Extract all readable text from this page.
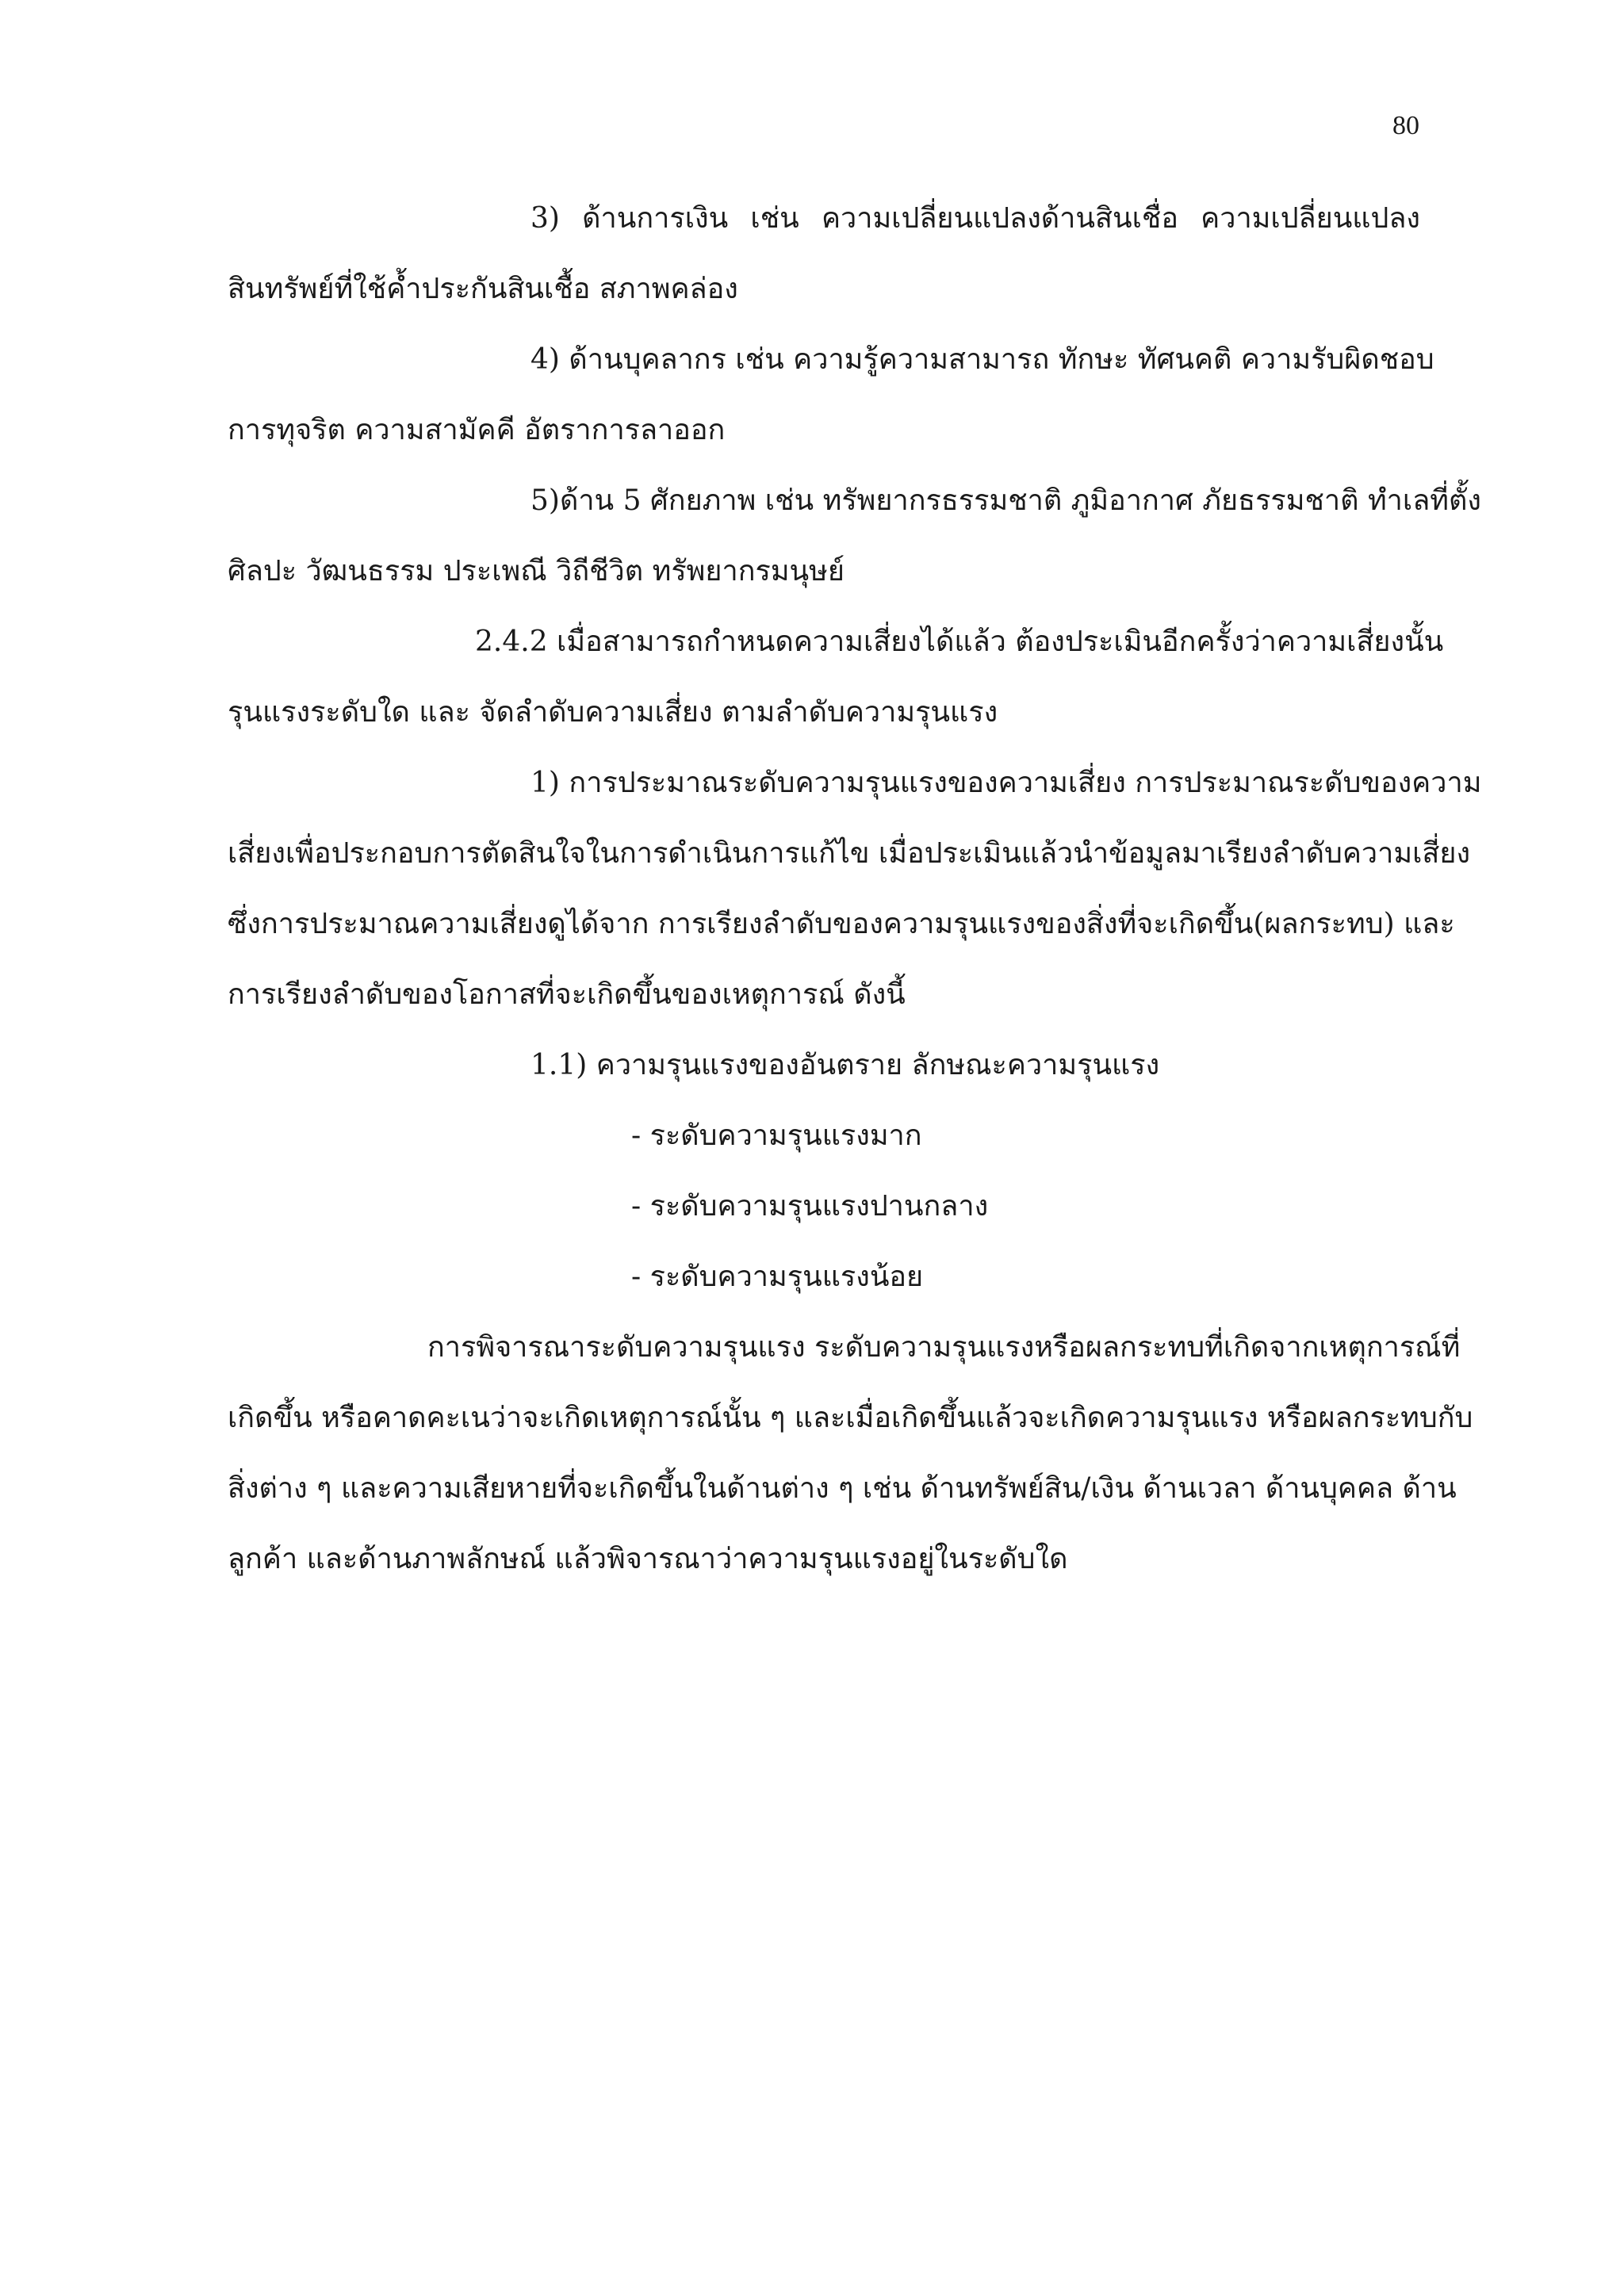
80
3) ด้านการเงิน เช่น ความเปลี่ยนแปลงด้านสินเชื่อ ความเปลี่ยนแปลง
สินทรัพย์ที่ใช้ค้ำประกันสินเชื้อ สภาพคล่อง
4) ด้านบุคลากร เช่น ความรู้ความสามารถ ทักษะ ทัศนคติ ความรับผิดชอบ
การทุจริต ความสามัคคี อัตราการลาออก
5)ด้าน 5 ศักยภาพ เช่น ทรัพยากรธรรมชาติ ภูมิอากาศ ภัยธรรมชาติ ทำเลที่ตั้ง
ศิลปะ วัฒนธรรม ประเพณี วิถีชีวิต ทรัพยากรมนุษย์
2.4.2 เมื่อสามารถกำหนดความเสี่ยงได้แล้ว ต้องประเมินอีกครั้งว่าความเสี่ยงนั้น
รุนแรงระดับใด และ จัดลำดับความเสี่ยง ตามลำดับความรุนแรง
1) การประมาณระดับความรุนแรงของความเสี่ยง การประมาณระดับของความ
เสี่ยงเพื่อประกอบการตัดสินใจในการดำเนินการแก้ไข เมื่อประเมินแล้วนำข้อมูลมาเรียงลำดับความเสี่ยง
ซึ่งการประมาณความเสี่ยงดูได้จาก การเรียงลำดับของความรุนแรงของสิ่งที่จะเกิดขึ้น(ผลกระทบ) และ
การเรียงลำดับของโอกาสที่จะเกิดขึ้นของเหตุการณ์ ดังนี้
1.1) ความรุนแรงของอันตราย ลักษณะความรุนแรง
- ระดับความรุนแรงมาก
- ระดับความรุนแรงปานกลาง
- ระดับความรุนแรงน้อย
การพิจารณาระดับความรุนแรง ระดับความรุนแรงหรือผลกระทบที่เกิดจากเหตุการณ์ที่
เกิดขึ้น หรือคาดคะเนว่าจะเกิดเหตุการณ์นั้น ๆ และเมื่อเกิดขึ้นแล้วจะเกิดความรุนแรง หรือผลกระทบกับ
สิ่งต่าง ๆ และความเสียหายที่จะเกิดขึ้นในด้านต่าง ๆ เช่น ด้านทรัพย์สิน/เงิน ด้านเวลา ด้านบุคคล ด้าน
ลูกค้า และด้านภาพลักษณ์ แล้วพิจารณาว่าความรุนแรงอยู่ในระดับใด
